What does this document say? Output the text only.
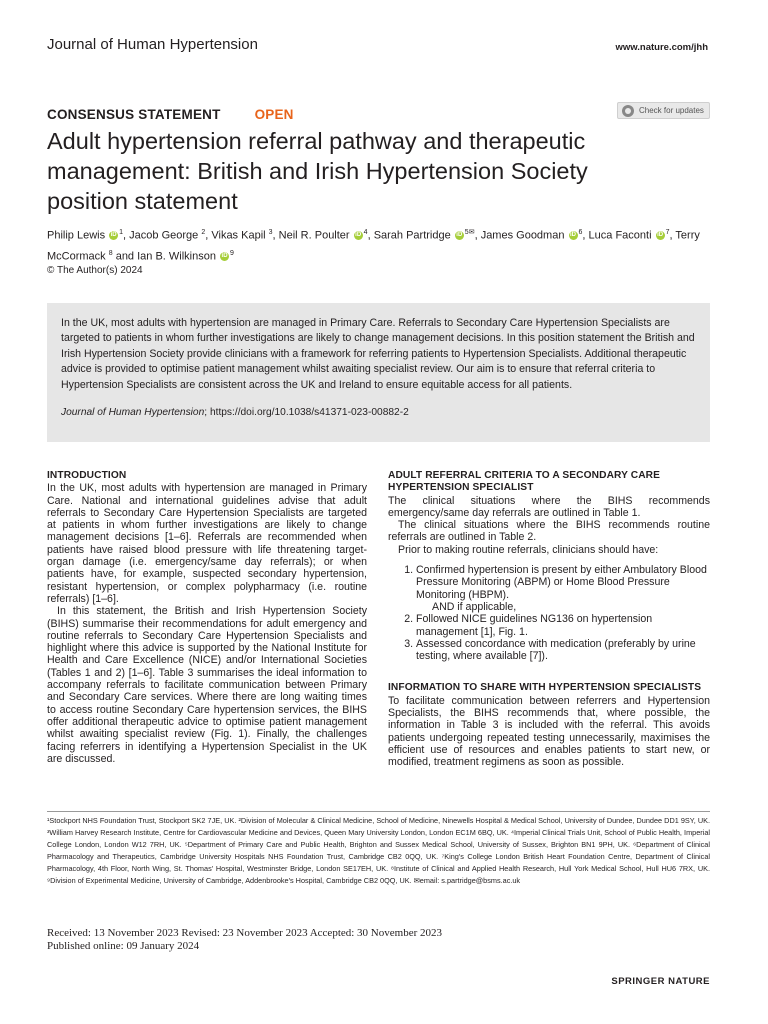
Journal of Human Hypertension	www.nature.com/jhh
CONSENSUS STATEMENT	OPEN	Check for updates
Adult hypertension referral pathway and therapeutic management: British and Irish Hypertension Society position statement
Philip Lewis iD $^1$, Jacob George $^2$, Vikas Kapil $^3$, Neil R. Poulter iD $^4$, Sarah Partridge iD $^{5✉}$, James Goodman iD $^6$, Luca Faconti iD $^7$, Terry McCormack $^8$ and Ian B. Wilkinson iD $^9$
© The Author(s) 2024

In the UK, most adults with hypertension are managed in Primary Care. Referrals to Secondary Care Hypertension Specialists are targeted to patients in whom further investigations are likely to change management decisions. In this position statement the British and Irish Hypertension Society provide clinicians with a framework for referring patients to Hypertension Specialists. Additional therapeutic advice is provided to optimise patient management whilst awaiting specialist review. Our aim is to ensure that referral criteria to Hypertension Specialists are consistent across the UK and Ireland to ensure equitable access for all patients.

Journal of Human Hypertension; https://doi.org/10.1038/s41371-023-00882-2
INTRODUCTION

In the UK, most adults with hypertension are managed in Primary Care. National and international guidelines advise that adult referrals to Secondary Care Hypertension Specialists are targeted at patients in whom further investigations are likely to change management decisions [1–6]. Referrals are recommended when patients have raised blood pressure with life threatening target-organ damage (i.e. emergency/same day referrals); or when patients have, for example, suspected secondary hypertension, resistant hypertension, or complex polypharmacy (i.e. routine referrals) [1–6].

In this statement, the British and Irish Hypertension Society (BIHS) summarise their recommendations for adult emergency and routine referrals to Secondary Care Hypertension Specialists and highlight where this advice is supported by the National Institute for Health and Care Excellence (NICE) and/or International Societies (Tables 1 and 2) [1–6]. Table 3 summarises the ideal information to accompany referrals to facilitate communication between Primary and Secondary Care services. Where there are long waiting times to access routine Secondary Care hypertension services, the BIHS offer additional therapeutic advice to optimise patient management whilst awaiting specialist review (Fig. 1). Finally, the challenges facing referrers in identifying a Hypertension Specialist in the UK are discussed.

ADULT REFERRAL CRITERIA TO A SECONDARY CARE HYPERTENSION SPECIALIST

The clinical situations where the BIHS recommends emergency/same day referrals are outlined in Table 1.

The clinical situations where the BIHS recommends routine referrals are outlined in Table 2.

Prior to making routine referrals, clinicians should have:

1. Confirmed hypertension is present by either Ambulatory Blood Pressure Monitoring (ABPM) or Home Blood Pressure Monitoring (HBPM).
AND if applicable,
2. Followed NICE guidelines NG136 on hypertension management [1], Fig. 1.
3. Assessed concordance with medication (preferably by urine testing, where available [7]).
INFORMATION TO SHARE WITH HYPERTENSION SPECIALISTS

To facilitate communication between referrers and Hypertension Specialists, the BIHS recommends that, where possible, the information in Table 3 is included with the referral. This avoids patients undergoing repeated testing unnecessarily, maximises the efficient use of resources and enables patients to start new, or modified, treatment regimens as soon as possible.

¹Stockport NHS Foundation Trust, Stockport SK2 7JE, UK. ²Division of Molecular & Clinical Medicine, School of Medicine, Ninewells Hospital & Medical School, University of Dundee, Dundee DD1 9SY, UK. ³William Harvey Research Institute, Centre for Cardiovascular Medicine and Devices, Queen Mary University London, London EC1M 6BQ, UK. ⁴Imperial Clinical Trials Unit, School of Public Health, Imperial College London, London W12 7RH, UK. ⁵Department of Primary Care and Public Health, Brighton and Sussex Medical School, University of Sussex, Brighton BN1 9PH, UK. ⁶Department of Clinical Pharmacology and Therapeutics, Cambridge University Hospitals NHS Foundation Trust, Cambridge CB2 0QQ, UK. ⁷King's College London British Heart Foundation Centre, Department of Clinical Pharmacology, 4th Floor, North Wing, St. Thomas' Hospital, Westminster Bridge, London SE17EH, UK. ⁸Institute of Clinical and Applied Health Research, Hull York Medical School, Hull HU6 7RX, UK. ⁹Division of Experimental Medicine, University of Cambridge, Addenbrooke's Hospital, Cambridge CB2 0QQ, UK. ✉email: s.partridge@bsms.ac.uk
Received: 13 November 2023 Revised: 23 November 2023 Accepted: 30 November 2023
Published online: 09 January 2024
SPRINGER NATURE
